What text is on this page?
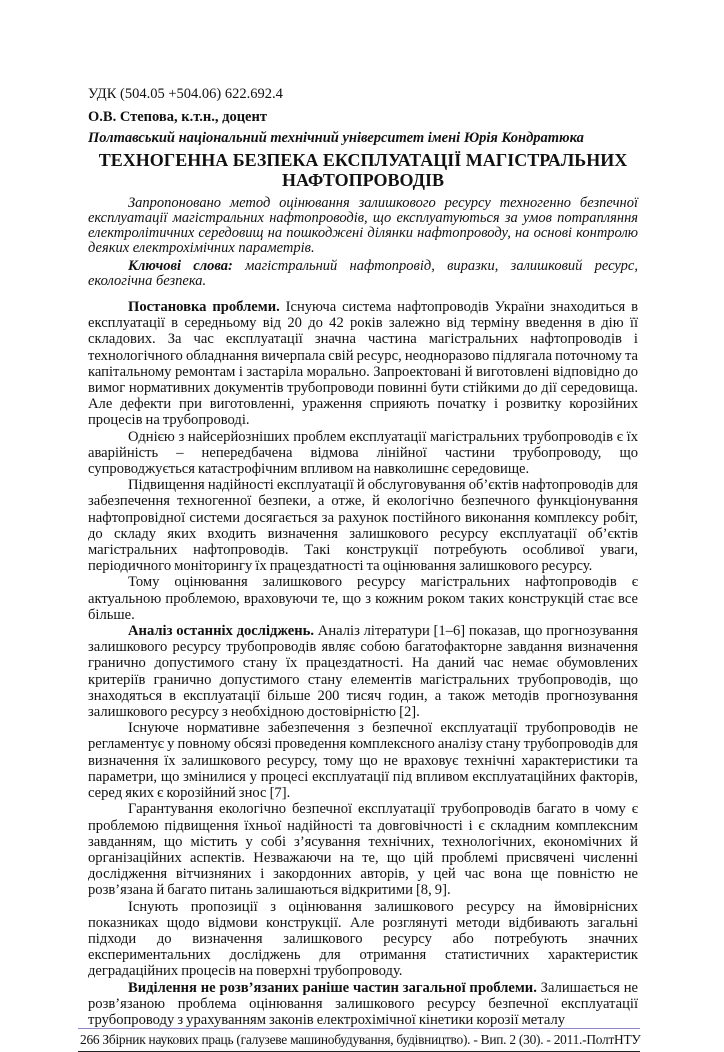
УДК (504.05 +504.06) 622.692.4

О.В. Степова, к.т.н., доцент

Полтавський національний технічний університет імені Юрія Кондратюка

ТЕХНОГЕННА БЕЗПЕКА ЕКСПЛУАТАЦІЇ МАГІСТРАЛЬНИХ НАФТОПРОВОДІВ

Запропоновано метод оцінювання залишкового ресурсу техногенно безпечної експлуатації магістральних нафтопроводів, що експлуатуються за умов потрапляння електролітичних середовищ на пошкоджені ділянки нафтопроводу, на основі контролю деяких електрохімічних параметрів.

Ключові слова: магістральний нафтопровід, виразки, залишковий ресурс, екологічна безпека.

Постановка проблеми. Існуюча система нафтопроводів України знаходиться в експлуатації в середньому від 20 до 42 років залежно від терміну введення в дію її складових. За час експлуатації значна частина магістральних нафтопроводів і технологічного обладнання вичерпала свій ресурс, неодноразово підлягала поточному та капітальному ремонтам і застаріла морально. Запроектовані й виготовлені відповідно до вимог нормативних документів трубопроводи повинні бути стійкими до дії середовища. Але дефекти при виготовленні, ураження сприяють початку і розвитку корозійних процесів на трубопроводі.

Однією з найсерйозніших проблем експлуатації магістральних трубопроводів є їх аварійність – непередбачена відмова лінійної частини трубопроводу, що супроводжується катастрофічним впливом на навколишнє середовище.

Підвищення надійності експлуатації й обслуговування об’єктів нафтопроводів для забезпечення техногенної безпеки, а отже, й екологічно безпечного функціонування нафтопровідної системи досягається за рахунок постійного виконання комплексу робіт, до складу яких входить визначення залишкового ресурсу експлуатації об’єктів магістральних нафтопроводів. Такі конструкції потребують особливої уваги, періодичного моніторингу їх працездатності та оцінювання залишкового ресурсу.

Тому оцінювання залишкового ресурсу магістральних нафтопроводів є актуальною проблемою, враховуючи те, що з кожним роком таких конструкцій стає все більше.

Аналіз останніх досліджень. Аналіз літератури [1–6] показав, що прогнозування залишкового ресурсу трубопроводів являє собою багатофакторне завдання визначення гранично допустимого стану їх працездатності. На даний час немає обумовлених критеріїв гранично допустимого стану елементів магістральних трубопроводів, що знаходяться в експлуатації більше 200 тисяч годин, а також методів прогнозування залишкового ресурсу з необхідною достовірністю [2].

Існуюче нормативне забезпечення з безпечної експлуатації трубопроводів не регламентує у повному обсязі проведення комплексного аналізу стану трубопроводів для визначення їх залишкового ресурсу, тому що не враховує технічні характеристики та параметри, що змінилися у процесі експлуатації під впливом експлуатаційних факторів, серед яких є корозійний знос [7].

Гарантування екологічно безпечної експлуатації трубопроводів багато в чому є проблемою підвищення їхньої надійності та довговічності і є складним комплексним завданням, що містить у собі з’ясування технічних, технологічних, економічних й організаційних аспектів. Незважаючи на те, що цій проблемі присвячені численні дослідження вітчизняних і закордонних авторів, у цей час вона ще повністю не розв’язана й багато питань залишаються відкритими [8, 9].

Існують пропозиції з оцінювання залишкового ресурсу на ймовірнісних показниках щодо відмови конструкції. Але розглянуті методи відбивають загальні підходи до визначення залишкового ресурсу або потребують значних експериментальних досліджень для отримання статистичних характеристик деградаційних процесів на поверхні трубопроводу.

Виділення не розв’язаних раніше частин загальної проблеми. Залишається не розв’язаною проблема оцінювання залишкового ресурсу безпечної експлуатації трубопроводу з урахуванням законів електрохімічної кінетики корозії металу

266 Збірник наукових праць (галузеве машинобудування, будівництво). - Вип. 2 (30). - 2011.-ПолтНТУ
